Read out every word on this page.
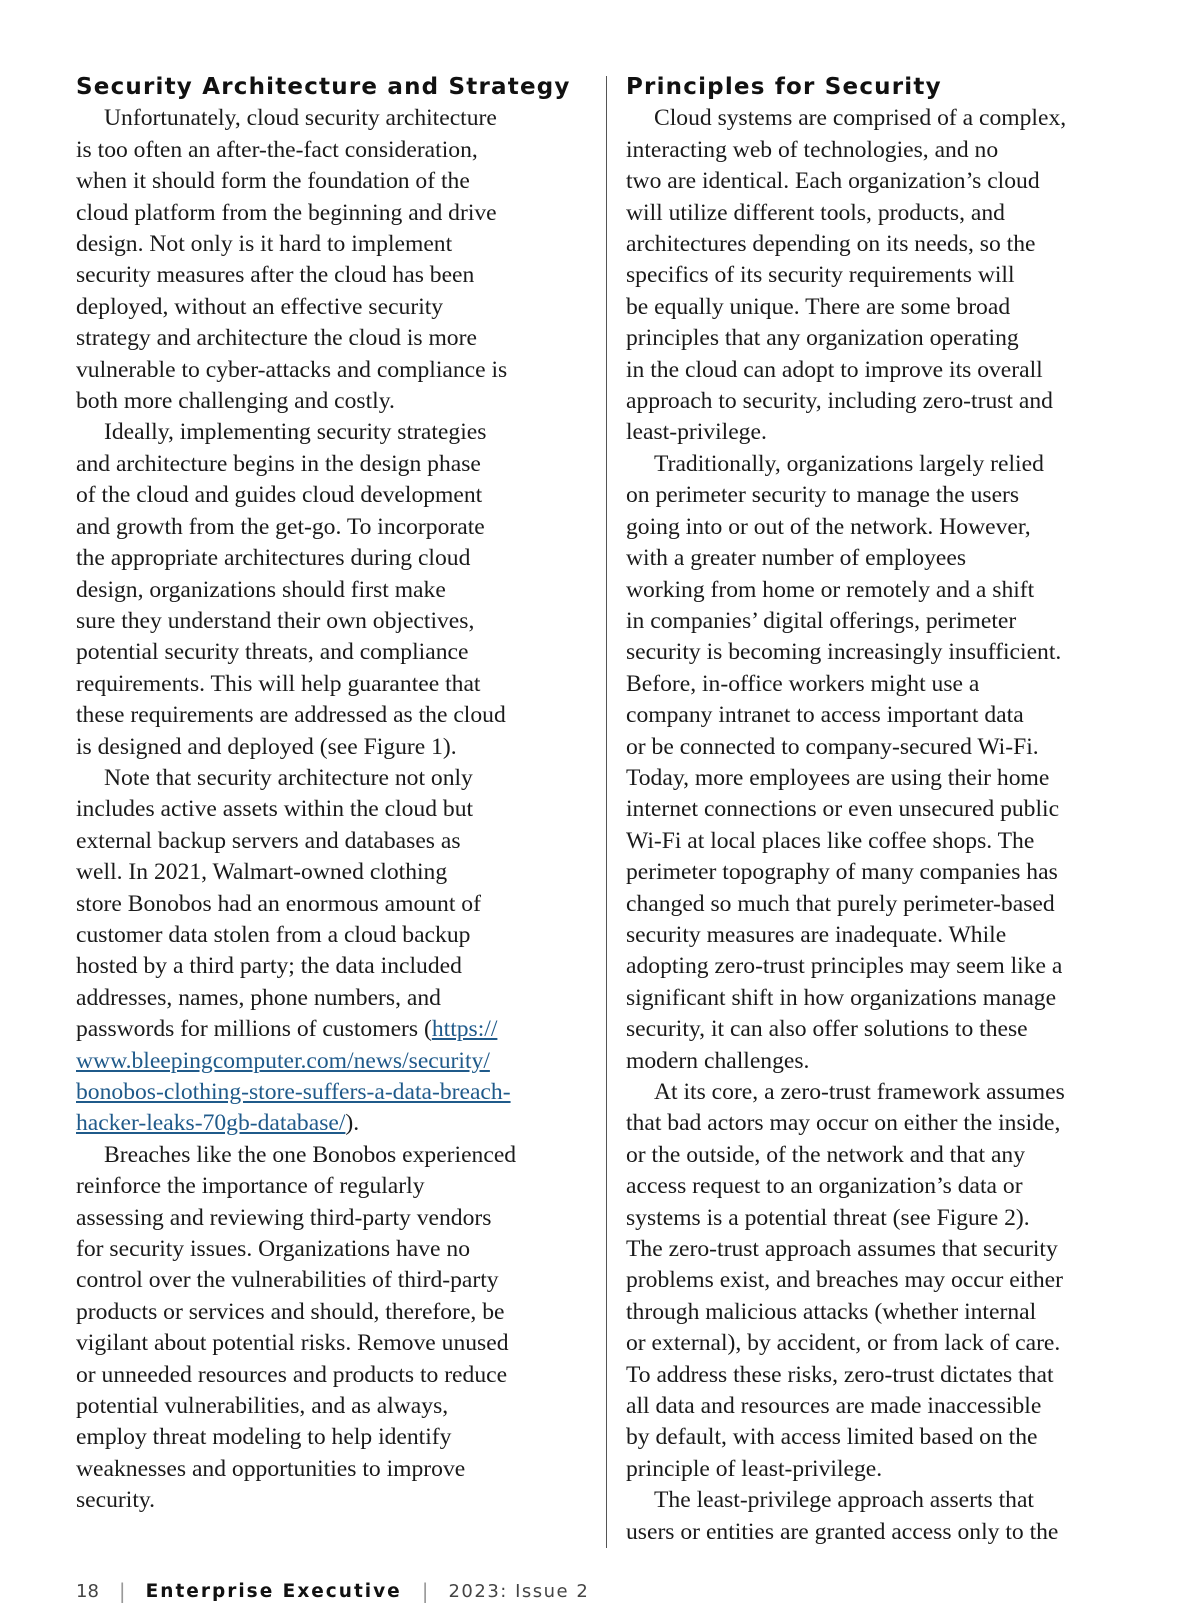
Security Architecture and Strategy
Unfortunately, cloud security architecture
is too often an after-the-fact consideration,
when it should form the foundation of the
cloud platform from the beginning and drive
design. Not only is it hard to implement
security measures after the cloud has been
deployed, without an effective security
strategy and architecture the cloud is more
vulnerable to cyber-attacks and compliance is
both more challenging and costly.
Ideally, implementing security strategies
and architecture begins in the design phase
of the cloud and guides cloud development
and growth from the get-go. To incorporate
the appropriate architectures during cloud
design, organizations should first make
sure they understand their own objectives,
potential security threats, and compliance
requirements. This will help guarantee that
these requirements are addressed as the cloud
is designed and deployed (see Figure 1).
Note that security architecture not only
includes active assets within the cloud but
external backup servers and databases as
well. In 2021, Walmart-owned clothing
store Bonobos had an enormous amount of
customer data stolen from a cloud backup
hosted by a third party; the data included
addresses, names, phone numbers, and
passwords for millions of customers (https://
www.bleepingcomputer.com/news/security/
bonobos-clothing-store-suffers-a-data-breach-
hacker-leaks-70gb-database/).
Breaches like the one Bonobos experienced
reinforce the importance of regularly
assessing and reviewing third-party vendors
for security issues. Organizations have no
control over the vulnerabilities of third-party
products or services and should, therefore, be
vigilant about potential risks. Remove unused
or unneeded resources and products to reduce
potential vulnerabilities, and as always,
employ threat modeling to help identify
weaknesses and opportunities to improve
security.
Principles for Security
Cloud systems are comprised of a complex,
interacting web of technologies, and no
two are identical. Each organization’s cloud
will utilize different tools, products, and
architectures depending on its needs, so the
specifics of its security requirements will
be equally unique. There are some broad
principles that any organization operating
in the cloud can adopt to improve its overall
approach to security, including zero-trust and
least-privilege.
Traditionally, organizations largely relied
on perimeter security to manage the users
going into or out of the network. However,
with a greater number of employees
working from home or remotely and a shift
in companies’ digital offerings, perimeter
security is becoming increasingly insufficient.
Before, in-office workers might use a
company intranet to access important data
or be connected to company-secured Wi-Fi.
Today, more employees are using their home
internet connections or even unsecured public
Wi-Fi at local places like coffee shops. The
perimeter topography of many companies has
changed so much that purely perimeter-based
security measures are inadequate. While
adopting zero-trust principles may seem like a
significant shift in how organizations manage
security, it can also offer solutions to these
modern challenges.
At its core, a zero-trust framework assumes
that bad actors may occur on either the inside,
or the outside, of the network and that any
access request to an organization’s data or
systems is a potential threat (see Figure 2).
The zero-trust approach assumes that security
problems exist, and breaches may occur either
through malicious attacks (whether internal
or external), by accident, or from lack of care.
To address these risks, zero-trust dictates that
all data and resources are made inaccessible
by default, with access limited based on the
principle of least-privilege.
The least-privilege approach asserts that
users or entities are granted access only to the
18 | Enterprise Executive | 2023: Issue 2
